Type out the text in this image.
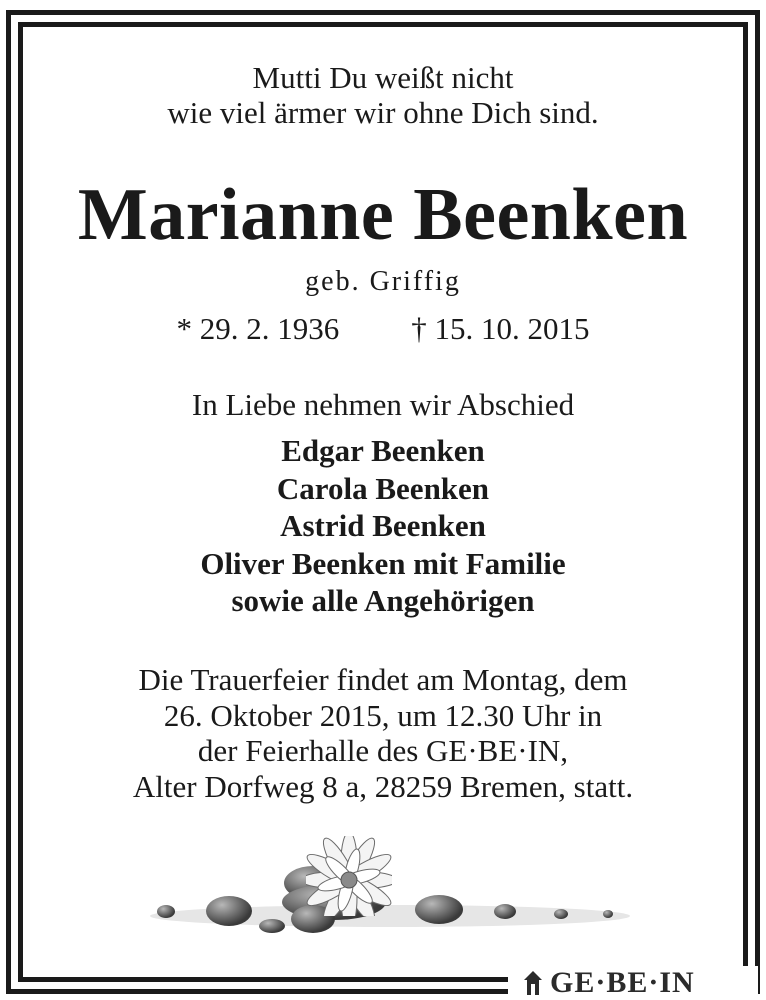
Mutti Du weißt nicht
wie viel ärmer wir ohne Dich sind.
Marianne Beenken
geb. Griffig
* 29. 2. 1936 † 15. 10. 2015
In Liebe nehmen wir Abschied
Edgar Beenken
Carola Beenken
Astrid Beenken
Oliver Beenken mit Familie
sowie alle Angehörigen
Die Trauerfeier findet am Montag, dem
26. Oktober 2015, um 12.30 Uhr in
der Feierhalle des GE·BE·IN,
Alter Dorfweg 8 a, 28259 Bremen, statt.
GE·BE·IN
